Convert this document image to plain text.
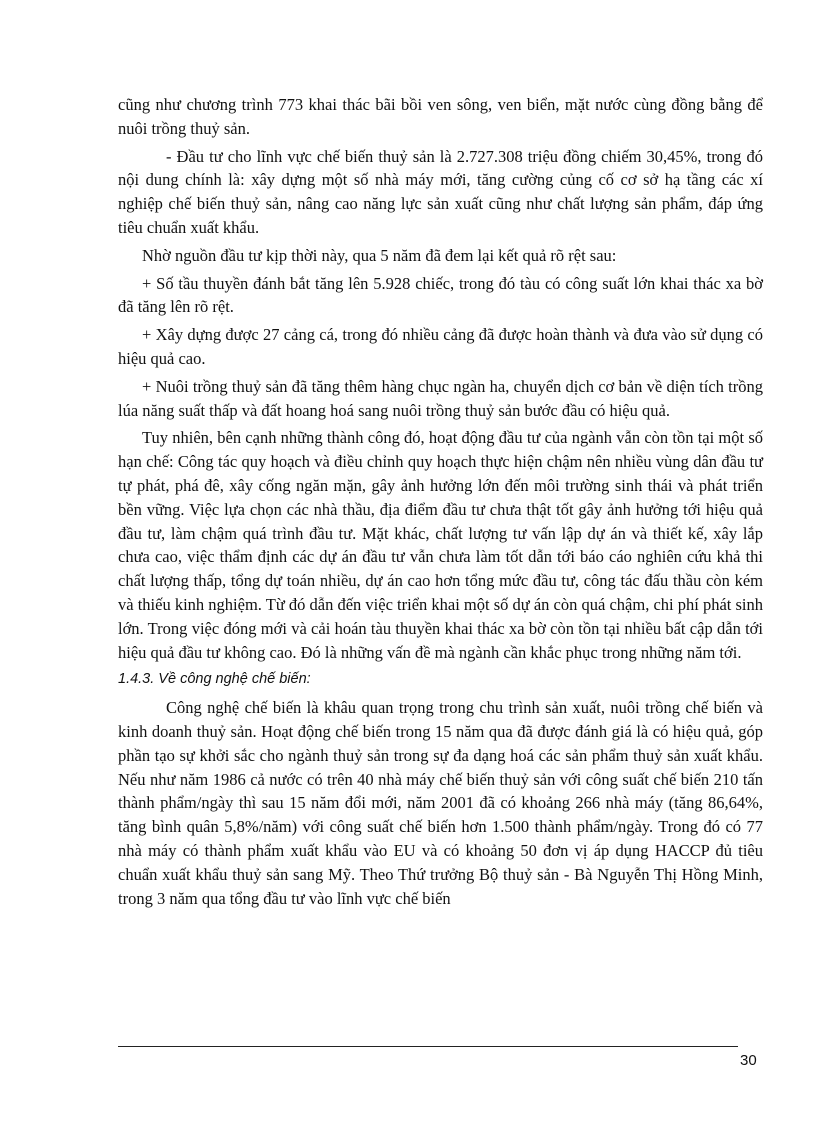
cũng như chương trình 773 khai thác bãi bồi ven sông, ven biển, mặt nước cùng đồng bằng để nuôi trồng thuỷ sản.

- Đầu tư cho lĩnh vực chế biến thuỷ sản là 2.727.308 triệu đồng chiếm 30,45%, trong đó nội dung chính là: xây dựng một số nhà máy mới, tăng cường củng cố cơ sở hạ tầng các xí nghiệp chế biến thuỷ sản, nâng cao năng lực sản xuất cũng như chất lượng sản phẩm, đáp ứng tiêu chuẩn xuất khẩu.

Nhờ nguồn đầu tư kịp thời này, qua 5 năm đã đem lại kết quả rõ rệt sau:

+ Số tầu thuyền đánh bắt tăng lên 5.928 chiếc, trong đó tàu có công suất lớn khai thác xa bờ đã tăng lên rõ rệt.

+ Xây dựng được 27 cảng cá, trong đó nhiều cảng đã được hoàn thành và đưa vào sử dụng có hiệu quả cao.

+ Nuôi trồng thuỷ sản đã tăng thêm hàng chục ngàn ha, chuyển dịch cơ bản về diện tích trồng lúa năng suất thấp và đất hoang hoá sang nuôi trồng thuỷ sản bước đầu có hiệu quả.

Tuy nhiên, bên cạnh những thành công đó, hoạt động đầu tư của ngành vẫn còn tồn tại một số hạn chế: Công tác quy hoạch và điều chỉnh quy hoạch thực hiện chậm nên nhiều vùng dân đầu tư tự phát, phá đê, xây cống ngăn mặn, gây ảnh hưởng lớn đến môi trường sinh thái và phát triển bền vững. Việc lựa chọn các nhà thầu, địa điểm đầu tư chưa thật tốt gây ảnh hưởng tới hiệu quả đầu tư, làm chậm quá trình đầu tư. Mặt khác, chất lượng tư vấn lập dự án và thiết kế, xây lắp chưa cao, việc thẩm định các dự án đầu tư vẫn chưa làm tốt dẫn tới báo cáo nghiên cứu khả thi chất lượng thấp, tổng dự toán nhiều, dự án cao hơn tổng mức đầu tư, công tác đấu thầu còn kém và thiếu kinh nghiệm. Từ đó dẫn đến việc triển khai một số dự án còn quá chậm, chi phí phát sinh lớn. Trong việc đóng mới và cải hoán tàu thuyền khai thác xa bờ còn tồn tại nhiều bất cập dẫn tới hiệu quả đầu tư không cao. Đó là những vấn đề mà ngành cần khắc phục trong những năm tới.

1.4.3. Về công nghệ chế biến:

Công nghệ chế biến là khâu quan trọng trong chu trình sản xuất, nuôi trồng chế biến và kinh doanh thuỷ sản. Hoạt động chế biến trong 15 năm qua đã được đánh giá là có hiệu quả, góp phần tạo sự khởi sắc cho ngành thuỷ sản trong sự đa dạng hoá các sản phẩm thuỷ sản xuất khẩu. Nếu như năm 1986 cả nước có trên 40 nhà máy chế biến thuỷ sản với công suất chế biến 210 tấn thành phẩm/ngày thì sau 15 năm đổi mới, năm 2001 đã có khoảng 266 nhà máy (tăng 86,64%, tăng bình quân 5,8%/năm) với công suất chế biến hơn 1.500 thành phẩm/ngày. Trong đó có 77 nhà máy có thành phẩm xuất khẩu vào EU và có khoảng 50 đơn vị áp dụng HACCP đủ tiêu chuẩn xuất khẩu thuỷ sản sang Mỹ. Theo Thứ trưởng Bộ thuỷ sản - Bà Nguyễn Thị Hồng Minh, trong 3 năm qua tổng đầu tư vào lĩnh vực chế biến

30
